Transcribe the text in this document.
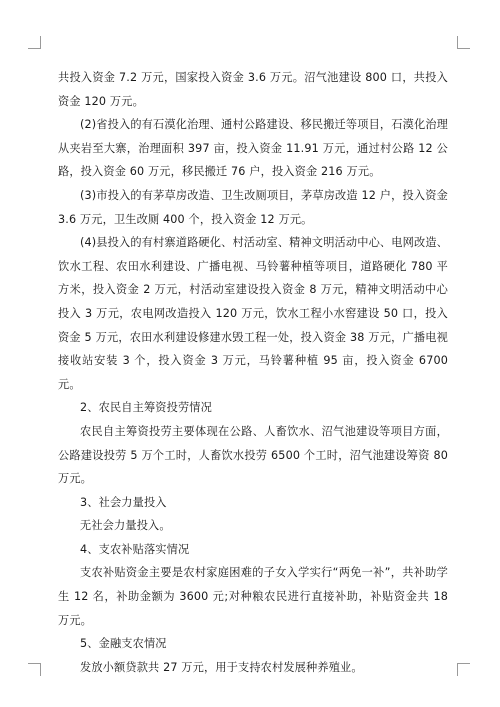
共投入资金 7.2 万元，国家投入资金 3.6 万元。沼气池建设 800 口，共投入资金 120 万元。

(2)省投入的有石漠化治理、通村公路建设、移民搬迁等项目，石漠化治理从夹岩至大寨，治理面积 397 亩，投入资金 11.91 万元，通过村公路 12 公路，投入资金 60 万元，移民搬迁 76 户，投入资金 216 万元。

(3)市投入的有茅草房改造、卫生改厕项目，茅草房改造 12 户，投入资金 3.6 万元，卫生改厕 400 个，投入资金 12 万元。

(4)县投入的有村寨道路硬化、村活动室、精神文明活动中心、电网改造、饮水工程、农田水利建设、广播电视、马铃薯种植等项目，道路硬化 780 平方米，投入资金 2 万元，村活动室建设投入资金 8 万元，精神文明活动中心投入 3 万元，农电网改造投入 120 万元，饮水工程小水窖建设 50 口，投入资金 5 万元，农田水利建设修建水毁工程一处，投入资金 38 万元，广播电视接收站安装 3 个，投入资金 3 万元，马铃薯种植 95 亩，投入资金 6700 元。

2、农民自主筹资投劳情况

农民自主筹资投劳主要体现在公路、人畜饮水、沼气池建设等项目方面，公路建设投劳 5 万个工时，人畜饮水投劳 6500 个工时，沼气池建设筹资 80 万元。

3、社会力量投入

无社会力量投入。

4、支农补贴落实情况

支农补贴资金主要是农村家庭困难的子女入学实行“两免一补”，共补助学生 12 名，补助金额为 3600 元;对种粮农民进行直接补助，补贴资金共 18 万元。

5、金融支农情况

发放小额贷款共 27 万元，用于支持农村发展种养殖业。
